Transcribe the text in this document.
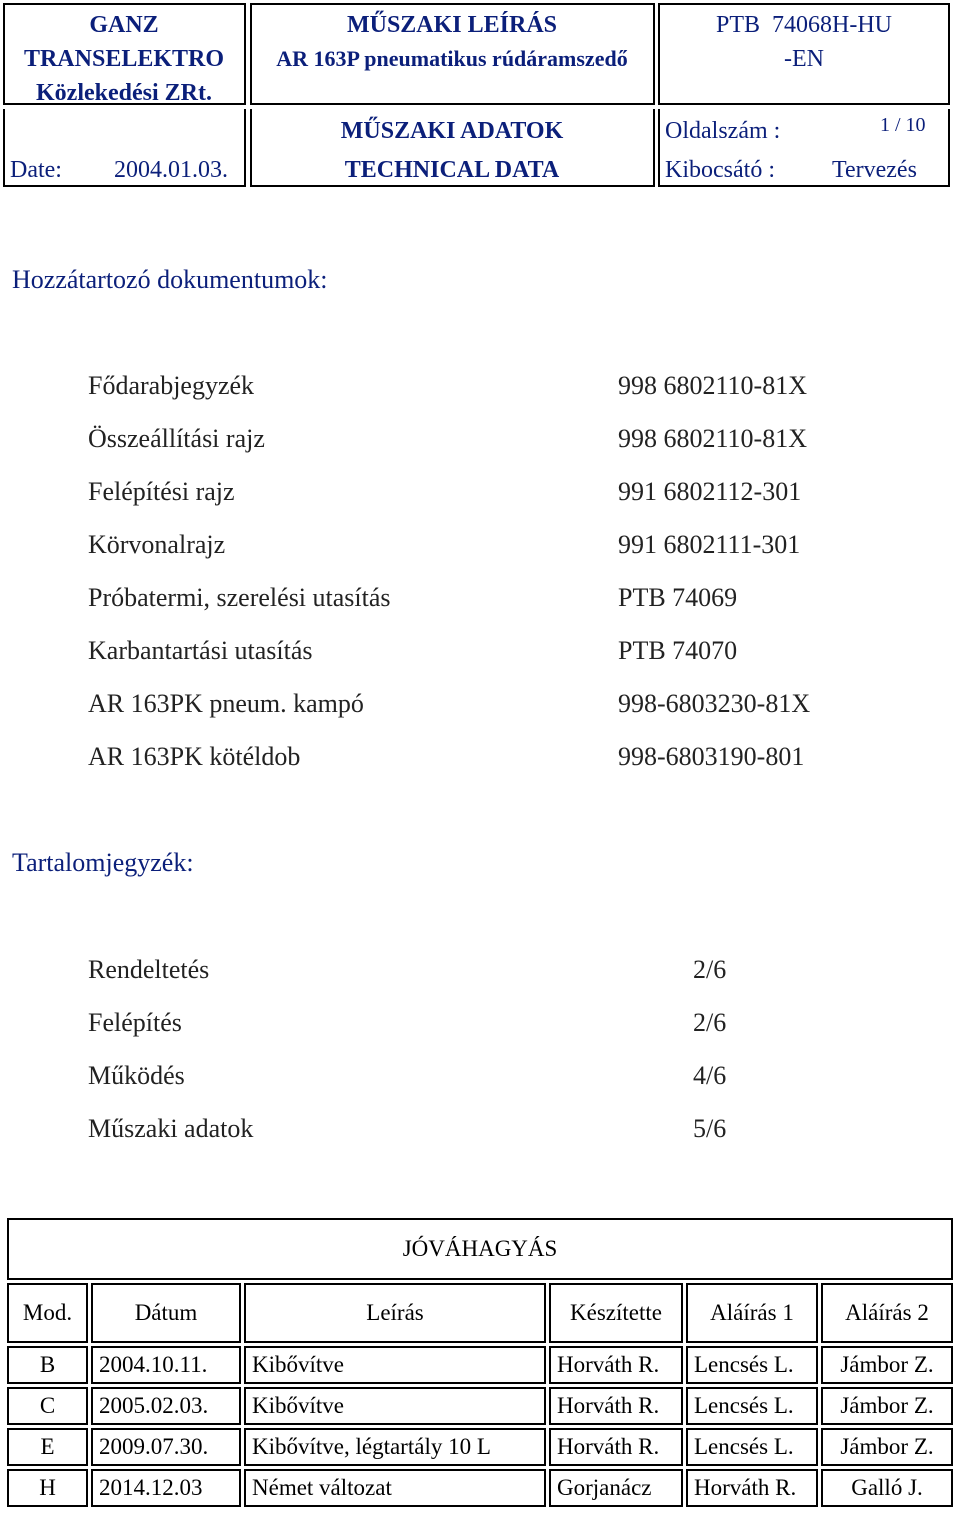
GANZ
TRANSELEKTRO
Közlekedési ZRt.
MŰSZAKI LEÍRÁS
AR 163P pneumatikus rúdáramszedő
PTB  74068H-HU
-EN
MŰSZAKI ADATOK
TECHNICAL DATA
Oldalszám :	1 / 10
Kibocsátó : Tervezés
Date: 2004.01.03.
Hozzátartozó dokumentumok:
Fődarabjegyzék	998 6802110-81X
Összeállítási rajz	998 6802110-81X
Felépítési rajz	991 6802112-301
Körvonalrajz	991 6802111-301
Próbatermi, szerelési utasítás	PTB 74069
Karbantartási utasítás	PTB 74070
AR 163PK pneum. kampó	998-6803230-81X
AR 163PK kötéldob	998-6803190-801
Tartalomjegyzék:
Rendeltetés	2/6
Felépítés	2/6
Működés	4/6
Műszaki adatok	5/6
JÓVÁHAGYÁS					
Mod.	Dátum	Leírás	Készítette	Aláírás 1	Aláírás 2
B	2004.10.11.	Kibővítve	Horváth R.	Lencsés L.	Jámbor Z.
C	2005.02.03.	Kibővítve	Horváth R.	Lencsés L.	Jámbor Z.
E	2009.07.30.	Kibővítve, légtartály 10 L	Horváth R.	Lencsés L.	Jámbor Z.
H	2014.12.03	Német változat	Gorjanácz	Horváth R.	Galló J.
